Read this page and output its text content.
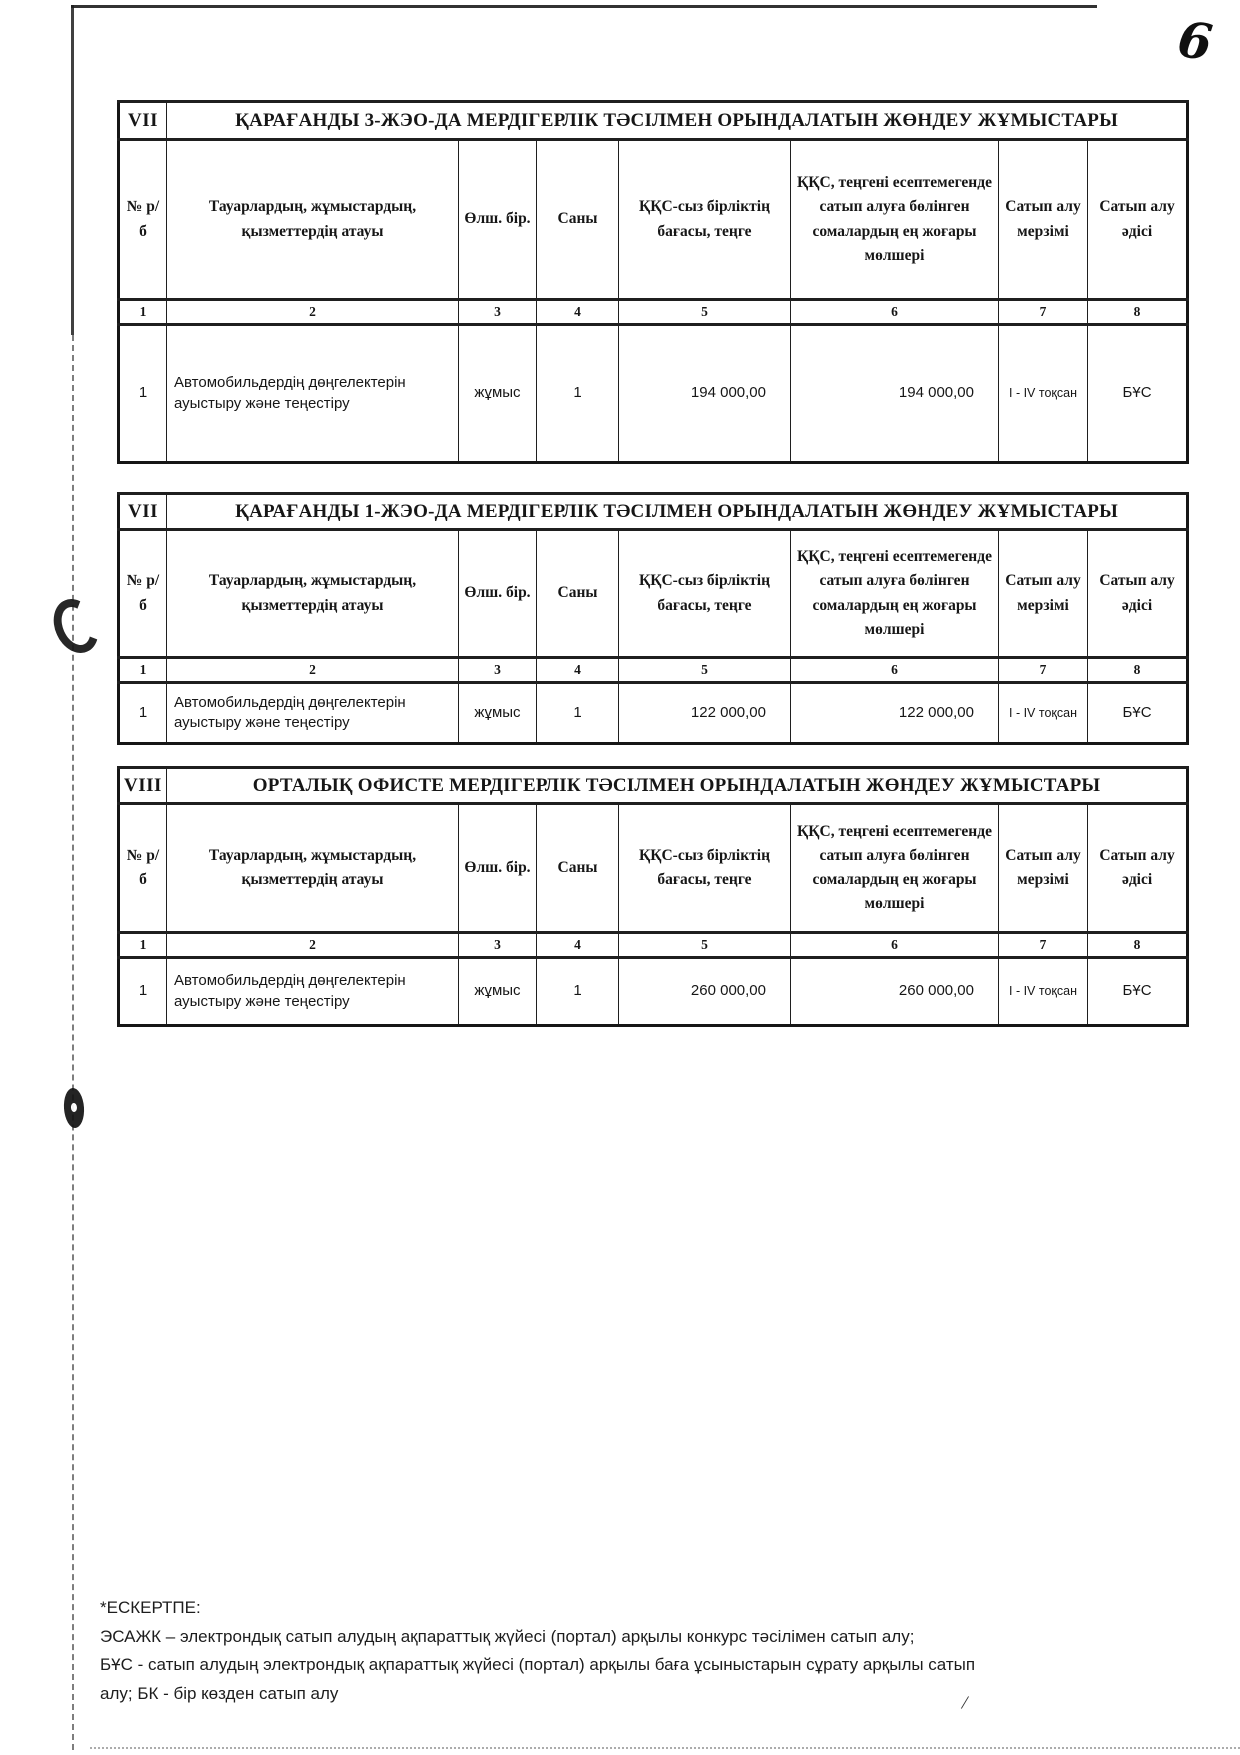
6
/
VII	ҚАРАҒАНДЫ 3-ЖЭО-ДА МЕРДІГЕРЛІК ТӘСІЛМЕН ОРЫНДАЛАТЫН ЖӨНДЕУ ЖҰМЫСТАРЫ						
№ р/б	Тауарлардың, жұмыстардың, қызметтердің атауы	Өлш. бір.	Саны	ҚҚС-сыз бірліктің бағасы, теңге	ҚҚС, теңгені есептемегенде сатып алуға бөлінген сомалардың ең жоғары мөлшері	Сатып алу мерзімі	Сатып алу әдісі
1	2	3	4	5	6	7	8
1	Автомобильдердің дөңгелектерін ауыстыру және теңестіру	жұмыс	1	194 000,00	194 000,00	I - IV тоқсан	БҰС
VII	ҚАРАҒАНДЫ 1-ЖЭО-ДА МЕРДІГЕРЛІК ТӘСІЛМЕН ОРЫНДАЛАТЫН ЖӨНДЕУ ЖҰМЫСТАРЫ						
№ р/б	Тауарлардың, жұмыстардың, қызметтердің атауы	Өлш. бір.	Саны	ҚҚС-сыз бірліктің бағасы, теңге	ҚҚС, теңгені есептемегенде сатып алуға бөлінген сомалардың ең жоғары мөлшері	Сатып алу мерзімі	Сатып алу әдісі
1	2	3	4	5	6	7	8
1	Автомобильдердің дөңгелектерін ауыстыру және теңестіру	жұмыс	1	122 000,00	122 000,00	I - IV тоқсан	БҰС
VIII	ОРТАЛЫҚ ОФИСТЕ МЕРДІГЕРЛІК ТӘСІЛМЕН ОРЫНДАЛАТЫН ЖӨНДЕУ ЖҰМЫСТАРЫ						
№ р/б	Тауарлардың, жұмыстардың, қызметтердің атауы	Өлш. бір.	Саны	ҚҚС-сыз бірліктің бағасы, теңге	ҚҚС, теңгені есептемегенде сатып алуға бөлінген сомалардың ең жоғары мөлшері	Сатып алу мерзімі	Сатып алу әдісі
1	2	3	4	5	6	7	8
1	Автомобильдердің дөңгелектерін ауыстыру және теңестіру	жұмыс	1	260 000,00	260 000,00	I - IV тоқсан	БҰС
*ЕСКЕРТПЕ:
ЭСАЖК – электрондық сатып алудың ақпараттық жүйесі (портал) арқылы конкурс тәсілімен сатып алу;
БҰС - сатып алудың электрондық ақпараттық жүйесі (портал) арқылы баға ұсыныстарын сұрату арқылы сатып
алу; БК - бір көзден сатып алу
